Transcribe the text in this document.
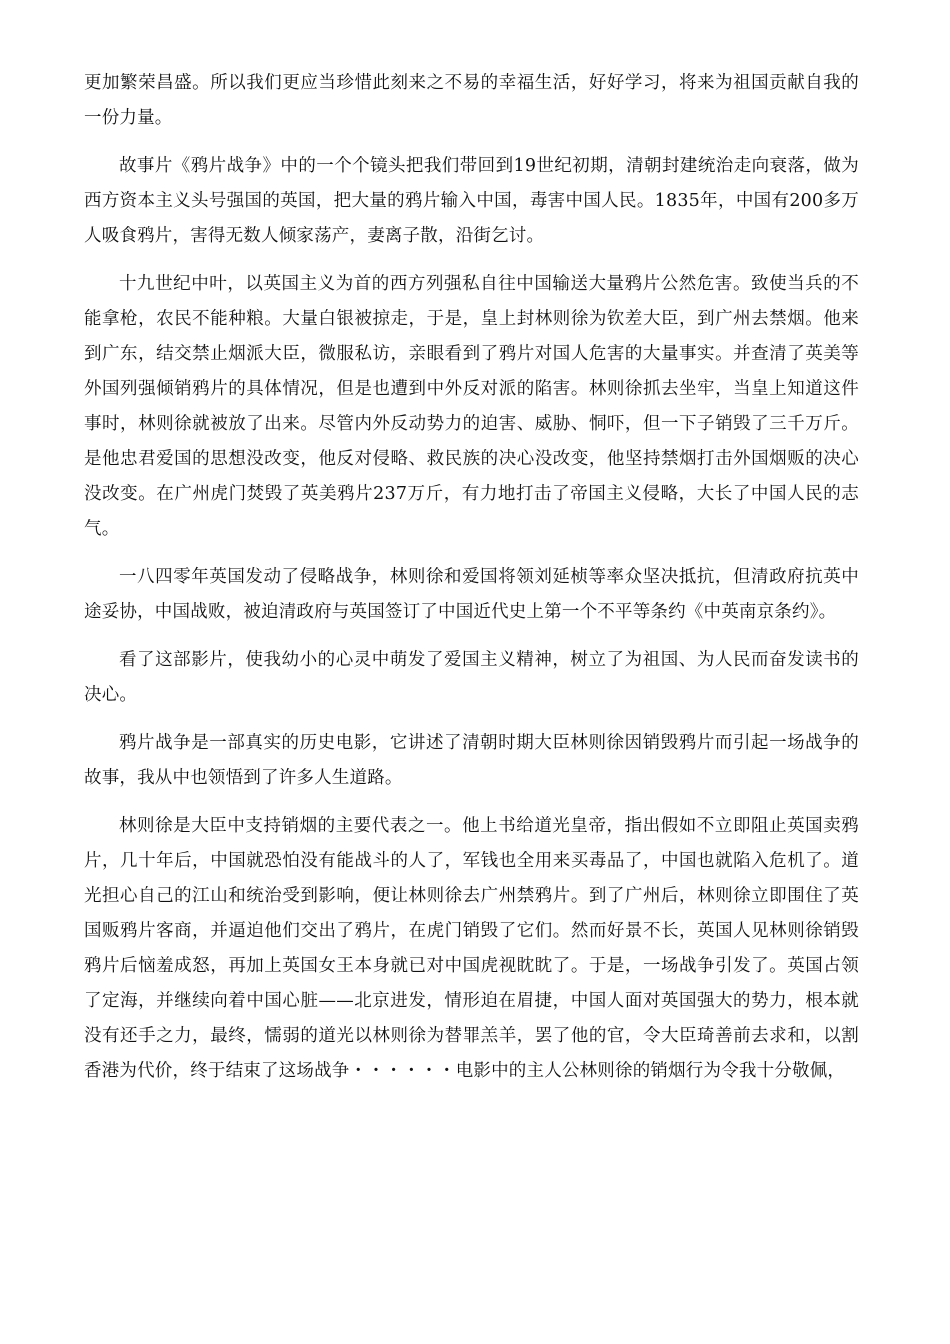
更加繁荣昌盛。所以我们更应当珍惜此刻来之不易的幸福生活，好好学习，将来为祖国贡献自我的一份力量。

故事片《鸦片战争》中的一个个镜头把我们带回到19世纪初期，清朝封建统治走向衰落，做为西方资本主义头号强国的英国，把大量的鸦片输入中国，毒害中国人民。1835年，中国有200多万人吸食鸦片，害得无数人倾家荡产，妻离子散，沿街乞讨。

十九世纪中叶，以英国主义为首的西方列强私自往中国输送大量鸦片公然危害。致使当兵的不能拿枪，农民不能种粮。大量白银被掠走，于是，皇上封林则徐为钦差大臣，到广州去禁烟。他来到广东，结交禁止烟派大臣，微服私访，亲眼看到了鸦片对国人危害的大量事实。并查清了英美等外国列强倾销鸦片的具体情况，但是也遭到中外反对派的陷害。林则徐抓去坐牢，当皇上知道这件事时，林则徐就被放了出来。尽管内外反动势力的迫害、威胁、恫吓，但一下子销毁了三千万斤。是他忠君爱国的思想没改变，他反对侵略、救民族的决心没改变，他坚持禁烟打击外国烟贩的决心没改变。在广州虎门焚毁了英美鸦片237万斤，有力地打击了帝国主义侵略，大长了中国人民的志气。

一八四零年英国发动了侵略战争，林则徐和爱国将领刘延桢等率众坚决抵抗，但清政府抗英中途妥协，中国战败，被迫清政府与英国签订了中国近代史上第一个不平等条约《中英南京条约》。

看了这部影片，使我幼小的心灵中萌发了爱国主义精神，树立了为祖国、为人民而奋发读书的决心。

鸦片战争是一部真实的历史电影，它讲述了清朝时期大臣林则徐因销毁鸦片而引起一场战争的故事，我从中也领悟到了许多人生道路。

林则徐是大臣中支持销烟的主要代表之一。他上书给道光皇帝，指出假如不立即阻止英国卖鸦片，几十年后，中国就恐怕没有能战斗的人了，军钱也全用来买毒品了，中国也就陷入危机了。道光担心自己的江山和统治受到影响，便让林则徐去广州禁鸦片。到了广州后，林则徐立即围住了英国贩鸦片客商，并逼迫他们交出了鸦片，在虎门销毁了它们。然而好景不长，英国人见林则徐销毁鸦片后恼羞成怒，再加上英国女王本身就已对中国虎视眈眈了。于是，一场战争引发了。英国占领了定海，并继续向着中国心脏——北京进发，情形迫在眉捷，中国人面对英国强大的势力，根本就没有还手之力，最终，懦弱的道光以林则徐为替罪羔羊，罢了他的官，令大臣琦善前去求和，以割香港为代价，终于结束了这场战争・・・・・・电影中的主人公林则徐的销烟行为令我十分敬佩，
